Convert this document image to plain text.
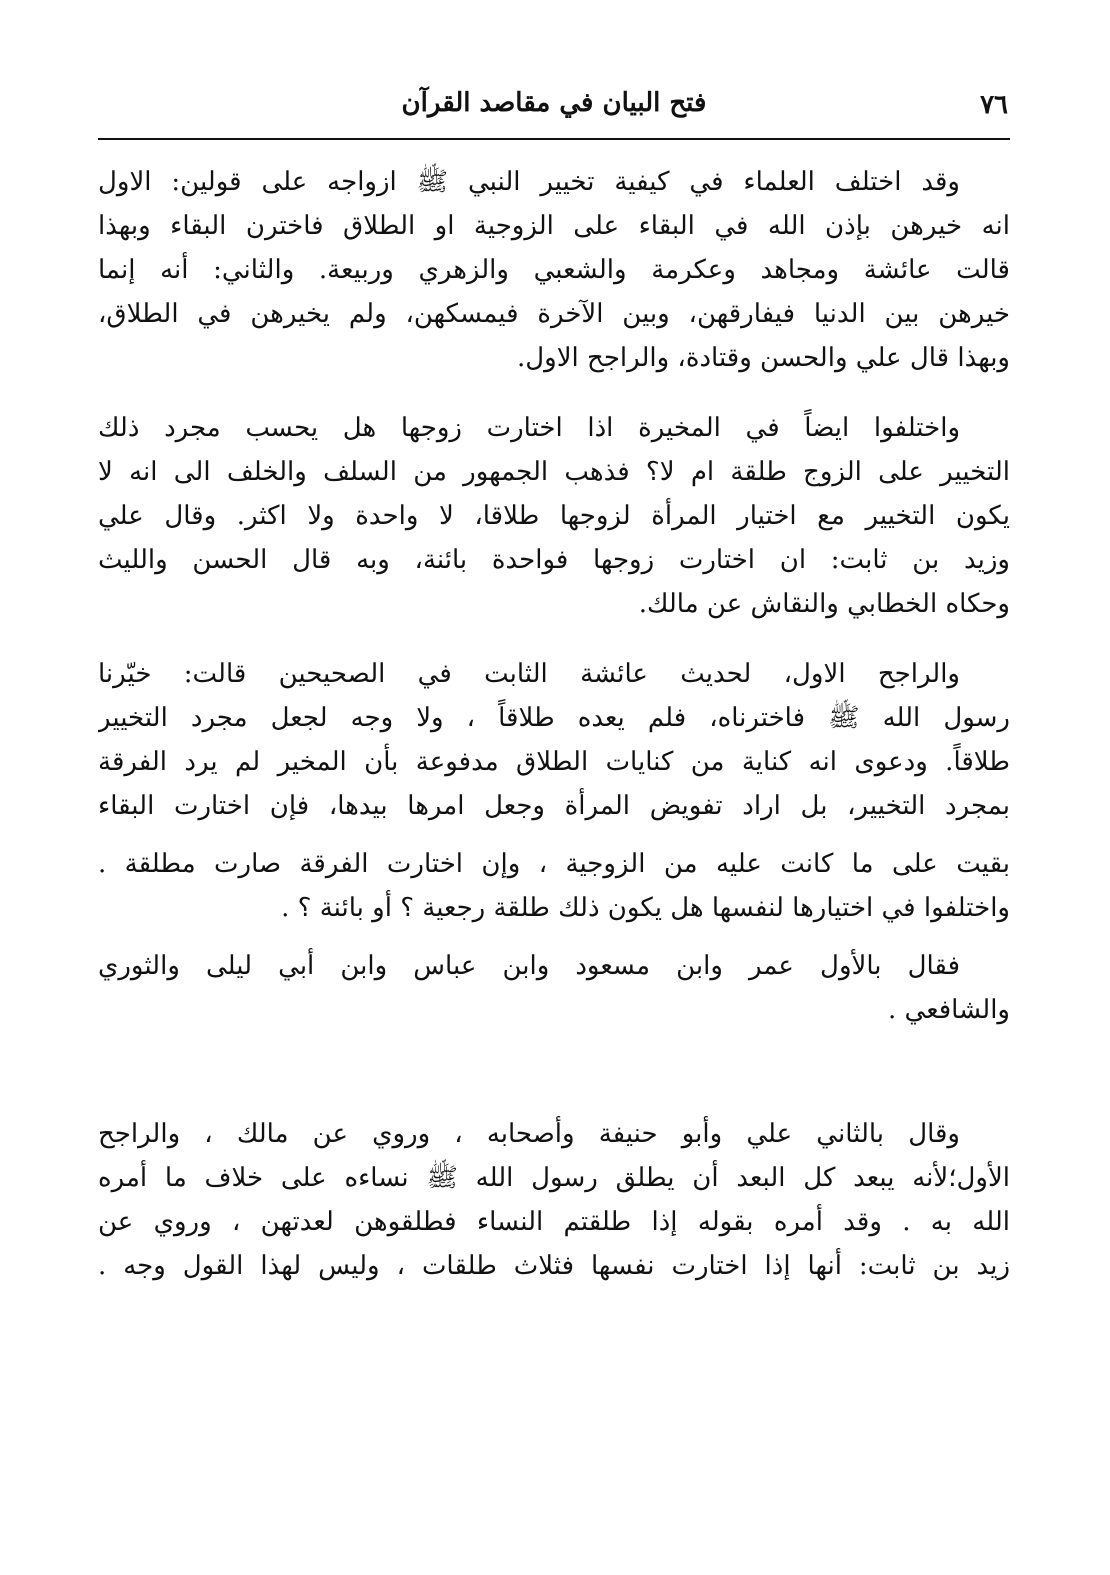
٧٦
فتح البيان في مقاصد القرآن
وقد اختلف العلماء في كيفية تخيير النبي ﷺ ازواجه على قولين: الاول
انه خيرهن بإذن الله في البقاء على الزوجية او الطلاق فاخترن البقاء وبهذا
قالت عائشة ومجاهد وعكرمة والشعبي والزهري وربيعة. والثاني: أنه إنما
خيرهن بين الدنيا فيفارقهن، وبين الآخرة فيمسكهن، ولم يخيرهن في الطلاق،
وبهذا قال علي والحسن وقتادة، والراجح الاول.
واختلفوا ايضاً في المخيرة اذا اختارت زوجها هل يحسب مجرد ذلك
التخيير على الزوج طلقة ام لا؟ فذهب الجمهور من السلف والخلف الى انه لا
يكون التخيير مع اختيار المرأة لزوجها طلاقا، لا واحدة ولا اكثر. وقال علي
وزيد بن ثابت: ان اختارت زوجها فواحدة بائنة، وبه قال الحسن والليث
وحكاه الخطابي والنقاش عن مالك.
والراجح الاول، لحديث عائشة الثابت في الصحيحين قالت: خيّرنا
رسول الله ﷺ فاخترناه، فلم يعده طلاقاً ، ولا وجه لجعل مجرد التخيير
طلاقاً. ودعوى انه كناية من كنايات الطلاق مدفوعة بأن المخير لم يرد الفرقة
بمجرد التخيير، بل اراد تفويض المرأة وجعل امرها بيدها، فإن اختارت البقاء
بقيت على ما كانت عليه من الزوجية ، وإن اختارت الفرقة صارت مطلقة .
واختلفوا في اختيارها لنفسها هل يكون ذلك طلقة رجعية ؟ أو بائنة ؟ .
فقال بالأول عمر وابن مسعود وابن عباس وابن أبي ليلى والثوري
والشافعي .
وقال بالثاني علي وأبو حنيفة وأصحابه ، وروي عن مالك ، والراجح
الأول؛لأنه يبعد كل البعد أن يطلق رسول الله ﷺ نساءه على خلاف ما أمره
الله به . وقد أمره بقوله إذا طلقتم النساء فطلقوهن لعدتهن ، وروي عن
زيد بن ثابت: أنها إذا اختارت نفسها فثلاث طلقات ، وليس لهذا القول وجه .
